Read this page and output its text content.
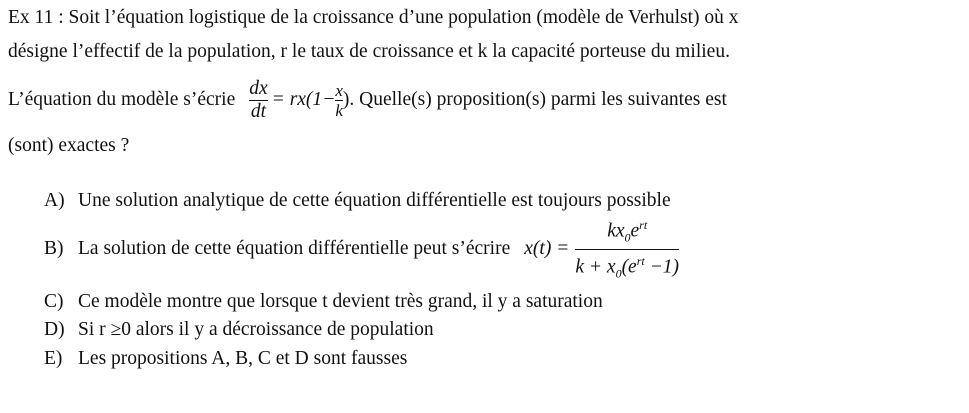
Ex 11 : Soit l’équation logistique de la croissance d’une population (modèle de Verhulst) où x
désigne l’effectif de la population, r le taux de croissance et k la capacité porteuse du milieu.
L’équation du modèle s’écrie $\frac{dx}{dt} = rx(1- \frac{x}{k}$ ) . Quelle(s) proposition(s) parmi les suivantes est
(sont) exactes ?
A) Une solution analytique de cette équation différentielle est toujours possible
B) La solution de cette équation différentielle peut s’écrire $x(t) = \frac{kx_0e^{rt}}{k + x_0(e^{rt} -1)}$
C) Ce modèle montre que lorsque t devient très grand, il y a saturation
D) Si r ≥0 alors il y a décroissance de population
E) Les propositions A, B, C et D sont fausses
